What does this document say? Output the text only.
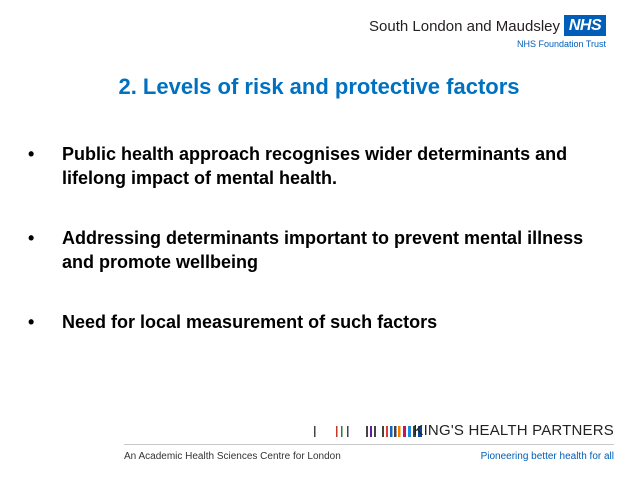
South London and Maudsley NHS
NHS Foundation Trust
2. Levels of risk and protective factors
• Public health approach recognises wider determinants and lifelong impact of mental health.
• Addressing determinants important to prevent mental illness and promote wellbeing
• Need for local measurement of such factors
KING'S HEALTH PARTNERS
An Academic Health Sciences Centre for London	Pioneering better health for all
